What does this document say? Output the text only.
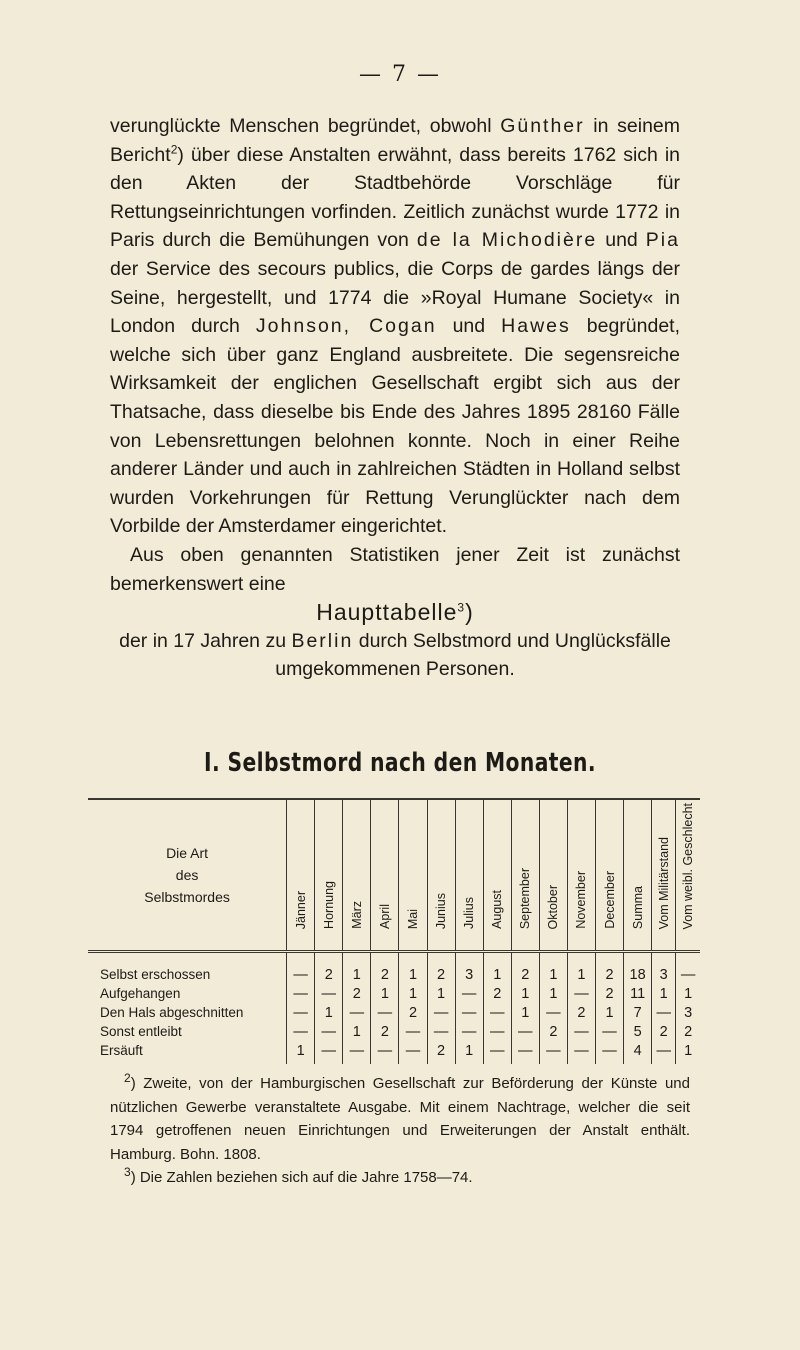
— 7 —

verunglückte Menschen begründet, obwohl Günther in seinem Bericht$^2$) über diese Anstalten erwähnt, dass bereits 1762 sich in den Akten der Stadtbehörde Vorschläge für Rettungseinrichtungen vorfinden. Zeitlich zunächst wurde 1772 in Paris durch die Bemühungen von de la Michodière und Pia der Service des secours publics, die Corps de gardes längs der Seine, hergestellt, und 1774 die »Royal Humane Society« in London durch Johnson, Cogan und Hawes begründet, welche sich über ganz England ausbreitete. Die segensreiche Wirksamkeit der englichen Gesellschaft ergibt sich aus der Thatsache, dass dieselbe bis Ende des Jahres 1895 28160 Fälle von Lebensrettungen belohnen konnte. Noch in einer Reihe anderer Länder und auch in zahlreichen Städten in Holland selbst wurden Vorkehrungen für Rettung Verunglückter nach dem Vorbilde der Amsterdamer eingerichtet.

Aus oben genannten Statistiken jener Zeit ist zunächst bemerkenswert eine

Haupttabelle$^3$)

der in 17 Jahren zu Berlin durch Selbstmord und Unglücksfälle umgekommenen Personen.

I. Selbstmord nach den Monaten.
Die Art
des
Selbstmordes	Jänner	Hornung	März	April	Mai	Junius	Julius	August	September	Oktober	November	December	Summa	Vom Militärstand	Vom weibl. Geschlecht
Selbst erschossen	—	2	1	2	1	2	3	1	2	1	1	2	18	3	—
Aufgehangen	—	—	2	1	1	1	—	2	1	1	—	2	11	1	1
Den Hals abgeschnitten	—	1	—	—	2	—	—	—	1	—	2	1	7	—	3
Sonst entleibt	—	—	1	2	—	—	—	—	—	2	—	—	5	2	2
Ersäuft	1	—	—	—	—	2	1	—	—	—	—	—	4	—	1

$^2$) Zweite, von der Hamburgischen Gesellschaft zur Beförderung der Künste und nützlichen Gewerbe veranstaltete Ausgabe. Mit einem Nachtrage, welcher die seit 1794 getroffenen neuen Einrichtungen und Erweiterungen der Anstalt enthält. Hamburg. Bohn. 1808.

$^3$) Die Zahlen beziehen sich auf die Jahre 1758—74.
